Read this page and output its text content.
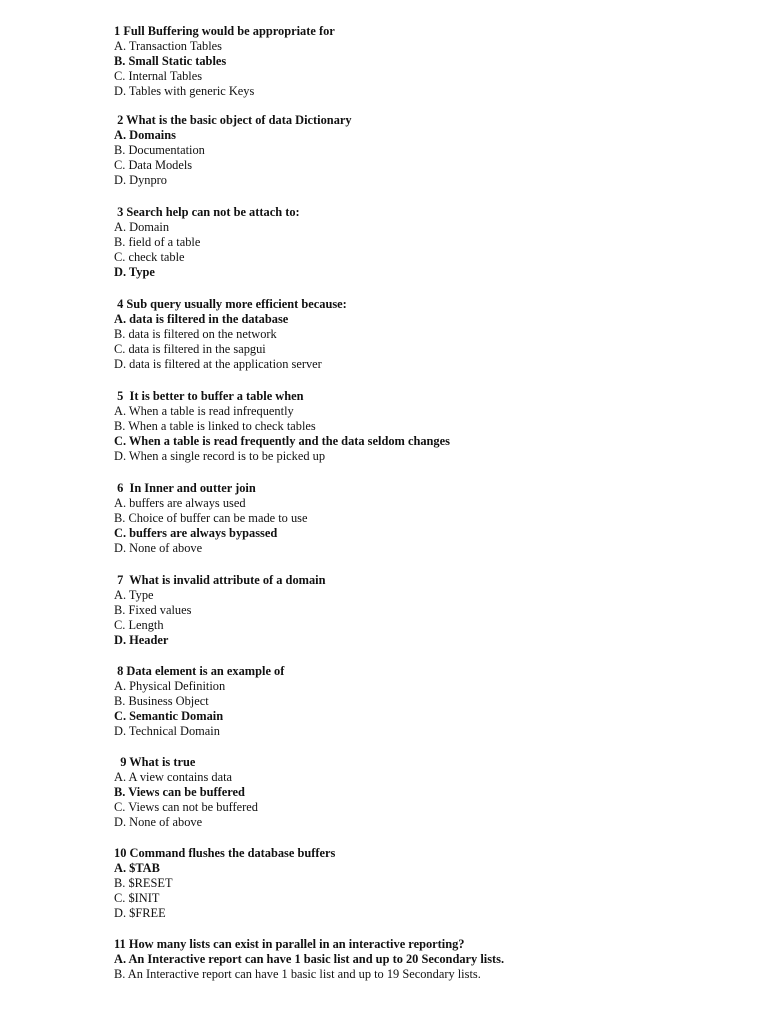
1 Full Buffering would be appropriate for
A. Transaction Tables
B. Small Static tables
C. Internal Tables
D. Tables with generic Keys
2 What is the basic object of data Dictionary
A. Domains
B. Documentation
C. Data Models
D. Dynpro
3 Search help can not be attach to:
A. Domain
B. field of a table
C. check table
D. Type
4 Sub query usually more efficient because:
A. data is filtered in the database
B. data is filtered on the network
C. data is filtered in the sapgui
D. data is filtered at the application server
5 It is better to buffer a table when
A. When a table is read infrequently
B. When a table is linked to check tables
C. When a table is read frequently and the data seldom changes
D. When a single record is to be picked up
6 In Inner and outter join
A. buffers are always used
B. Choice of buffer can be made to use
C. buffers are always bypassed
D. None of above
7 What is invalid attribute of a domain
A. Type
B. Fixed values
C. Length
D. Header
8 Data element is an example of
A. Physical Definition
B. Business Object
C. Semantic Domain
D. Technical Domain
9 What is true
A. A view contains data
B. Views can be buffered
C. Views can not be buffered
D. None of above
10 Command flushes the database buffers
A. $TAB
B. $RESET
C. $INIT
D. $FREE
11 How many lists can exist in parallel in an interactive reporting?
A. An Interactive report can have 1 basic list and up to 20 Secondary lists.
B. An Interactive report can have 1 basic list and up to 19 Secondary lists.
